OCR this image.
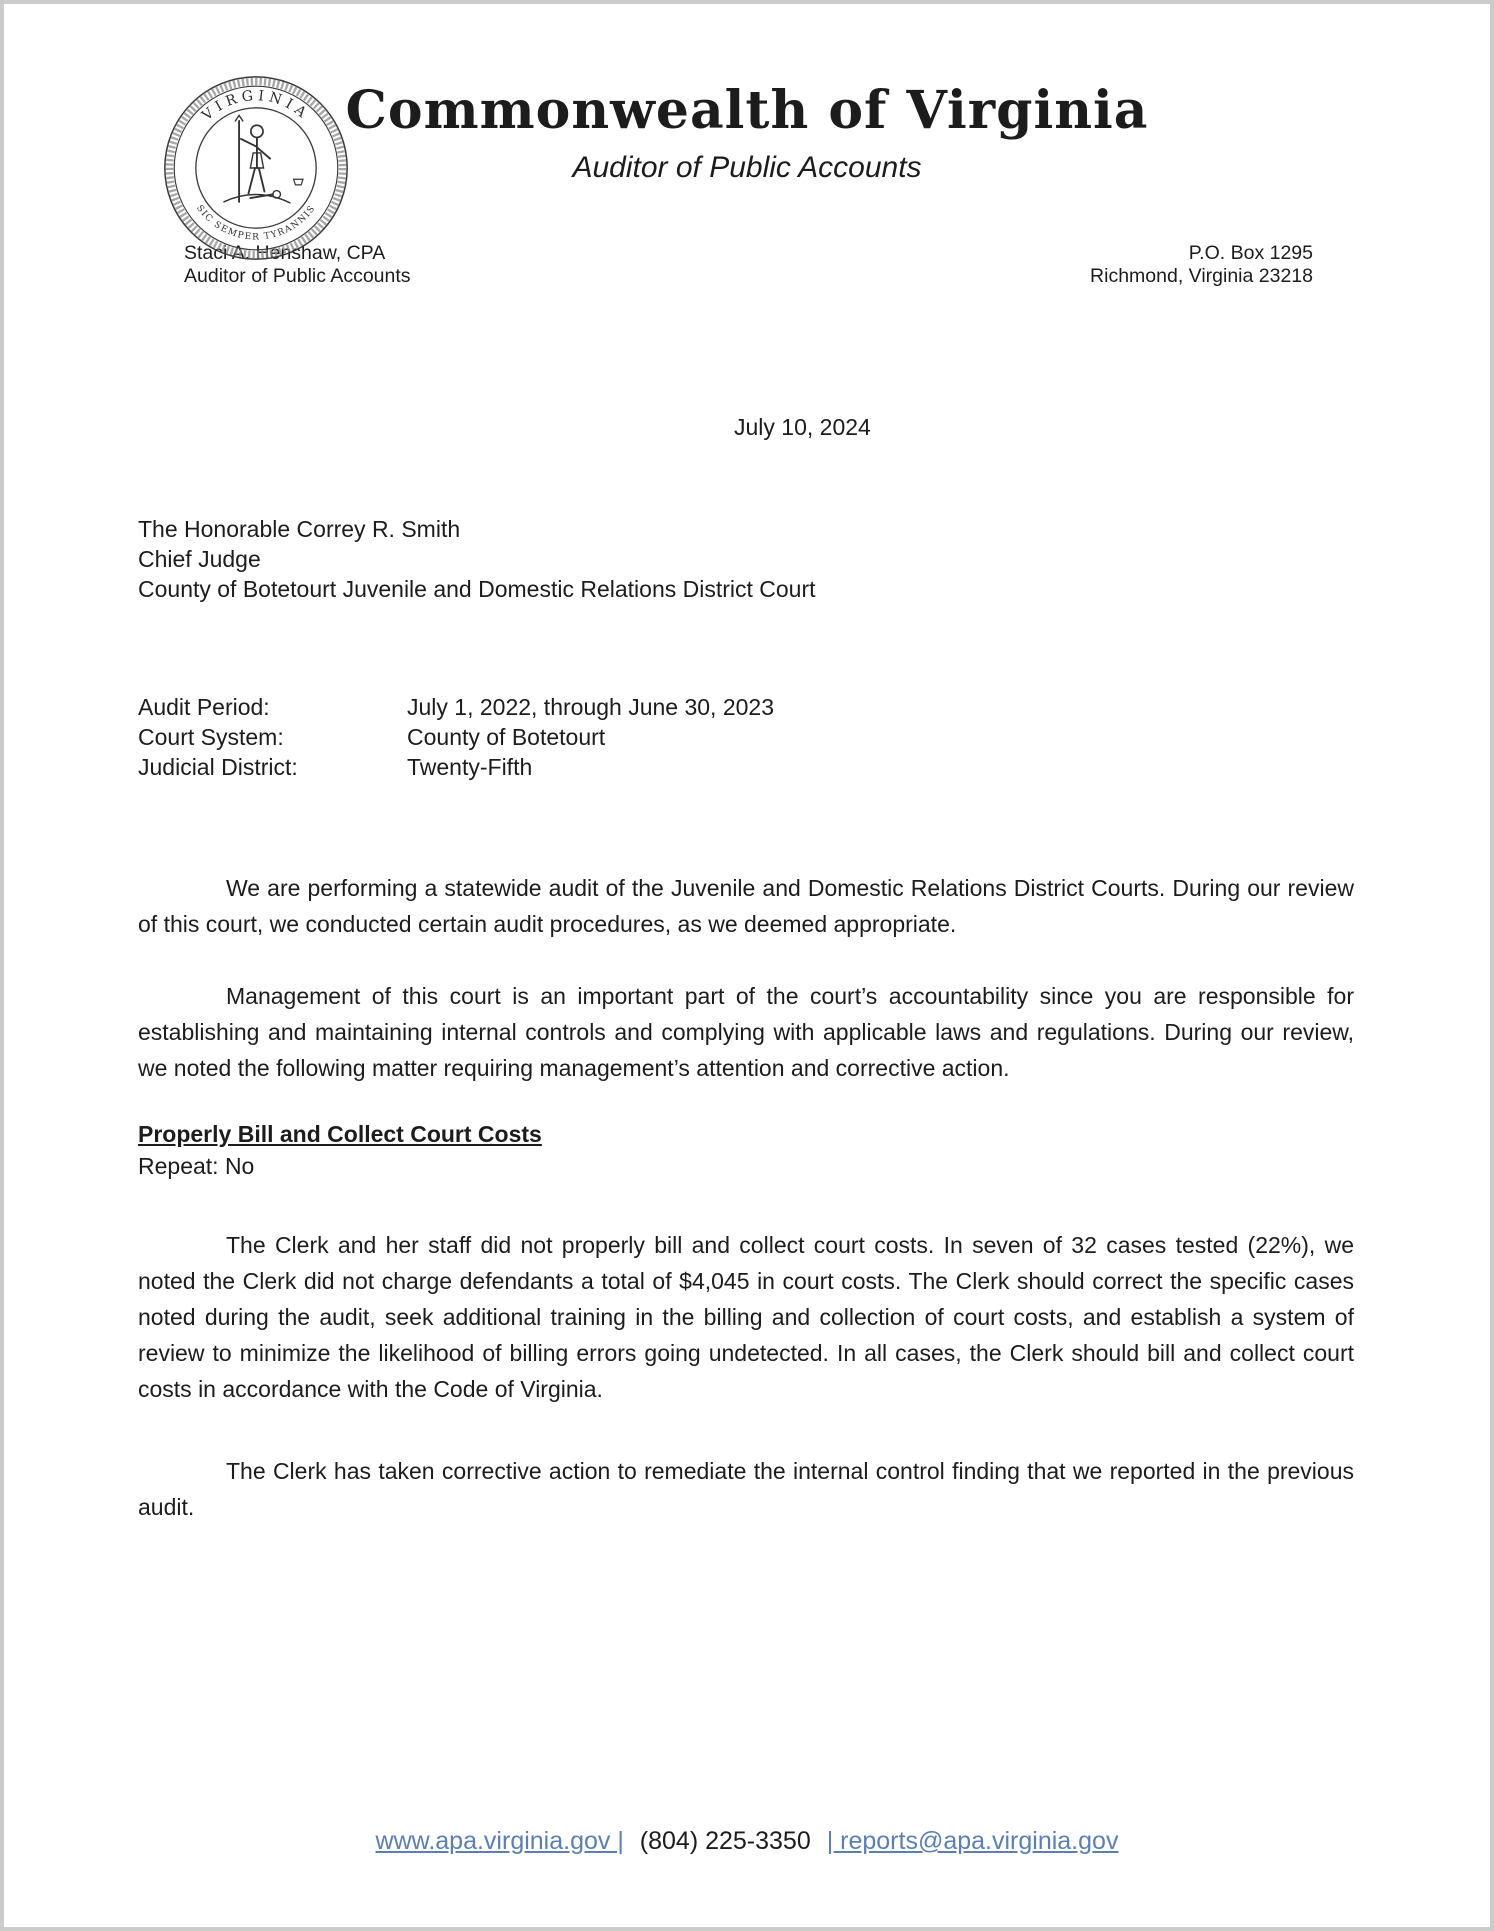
VIRGINIA
SIC SEMPER TYRANNIS
Commonwealth of Virginia
Auditor of Public Accounts
Staci A. Henshaw, CPA
Auditor of Public Accounts
P.O. Box 1295
Richmond, Virginia 23218
July 10, 2024
The Honorable Correy R. Smith
Chief Judge
County of Botetourt Juvenile and Domestic Relations District Court
Audit Period:	July 1, 2022, through June 30, 2023
Court System:	County of Botetourt
Judicial District:	Twenty-Fifth

We are performing a statewide audit of the Juvenile and Domestic Relations District Courts. During our review of this court, we conducted certain audit procedures, as we deemed appropriate.

Management of this court is an important part of the court’s accountability since you are responsible for establishing and maintaining internal controls and complying with applicable laws and regulations. During our review, we noted the following matter requiring management’s attention and corrective action.

Properly Bill and Collect Court Costs
Repeat: No

The Clerk and her staff did not properly bill and collect court costs. In seven of 32 cases tested (22%), we noted the Clerk did not charge defendants a total of $4,045 in court costs. The Clerk should correct the specific cases noted during the audit, seek additional training in the billing and collection of court costs, and establish a system of review to minimize the likelihood of billing errors going undetected. In all cases, the Clerk should bill and collect court costs in accordance with the Code of Virginia.

The Clerk has taken corrective action to remediate the internal control finding that we reported in the previous audit.

www.apa.virginia.gov | (804) 225-3350 | reports@apa.virginia.gov
